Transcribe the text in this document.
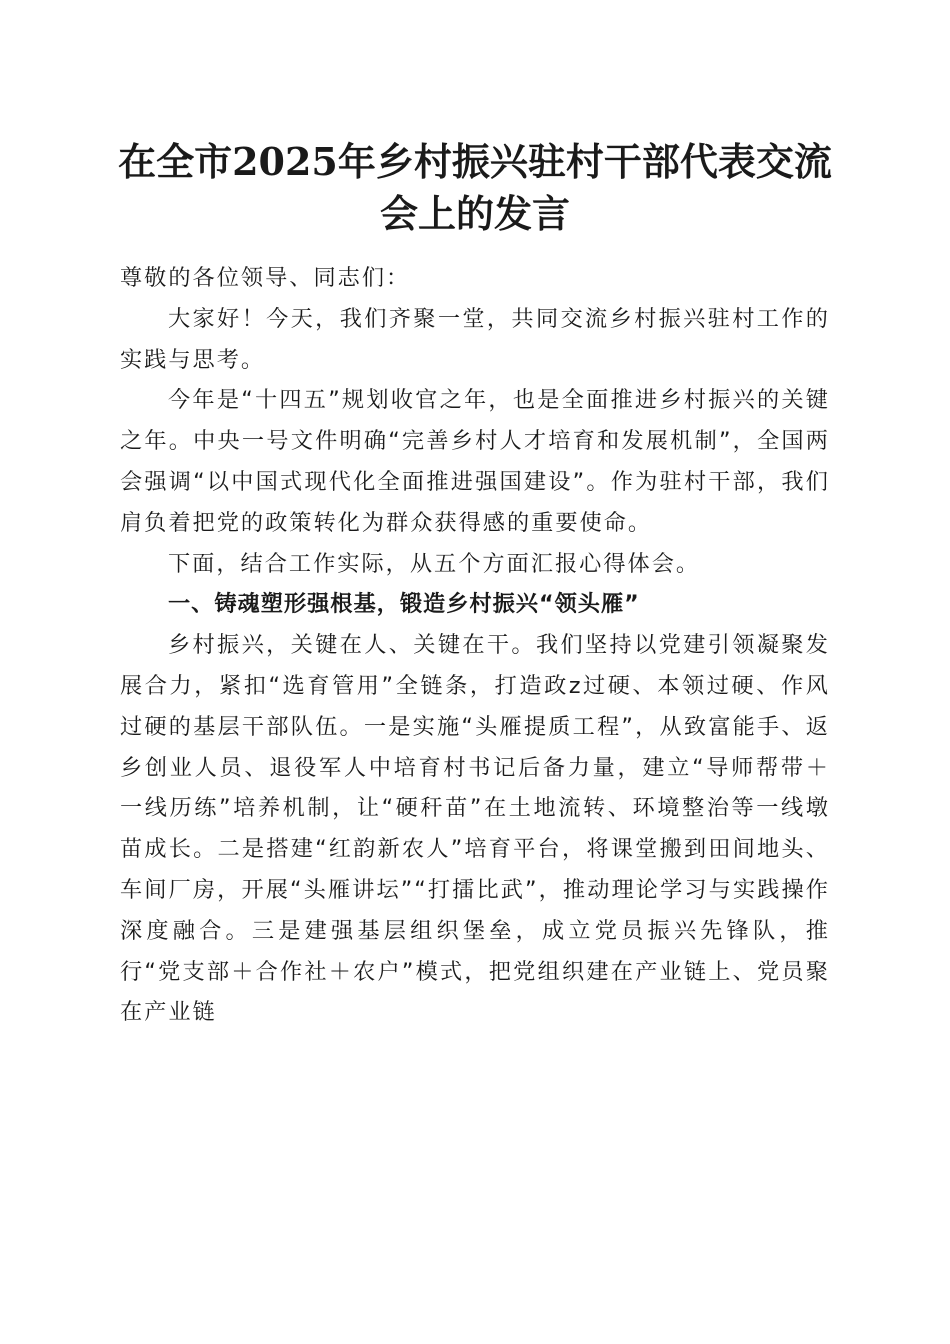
在全市2025年乡村振兴驻村干部代表交流会上的发言

尊敬的各位领导、同志们：

大家好！今天，我们齐聚一堂，共同交流乡村振兴驻村工作的实践与思考。

今年是“十四五”规划收官之年，也是全面推进乡村振兴的关键之年。中央一号文件明确“完善乡村人才培育和发展机制”，全国两会强调“以中国式现代化全面推进强国建设”。作为驻村干部，我们肩负着把党的政策转化为群众获得感的重要使命。

下面，结合工作实际，从五个方面汇报心得体会。

一、铸魂塑形强根基，锻造乡村振兴“领头雁”

乡村振兴，关键在人、关键在干。我们坚持以党建引领凝聚发展合力，紧扣“选育管用”全链条，打造政z过硬、本领过硬、作风过硬的基层干部队伍。一是实施“头雁提质工程”，从致富能手、返乡创业人员、退役军人中培育村书记后备力量，建立“导师帮带＋一线历练”培养机制，让“硬秆苗”在土地流转、环境整治等一线墩苗成长。二是搭建“红韵新农人”培育平台，将课堂搬到田间地头、车间厂房，开展“头雁讲坛”“打擂比武”，推动理论学习与实践操作深度融合。三是建强基层组织堡垒，成立党员振兴先锋队，推行“党支部＋合作社＋农户”模式，把党组织建在产业链上、党员聚在产业链
